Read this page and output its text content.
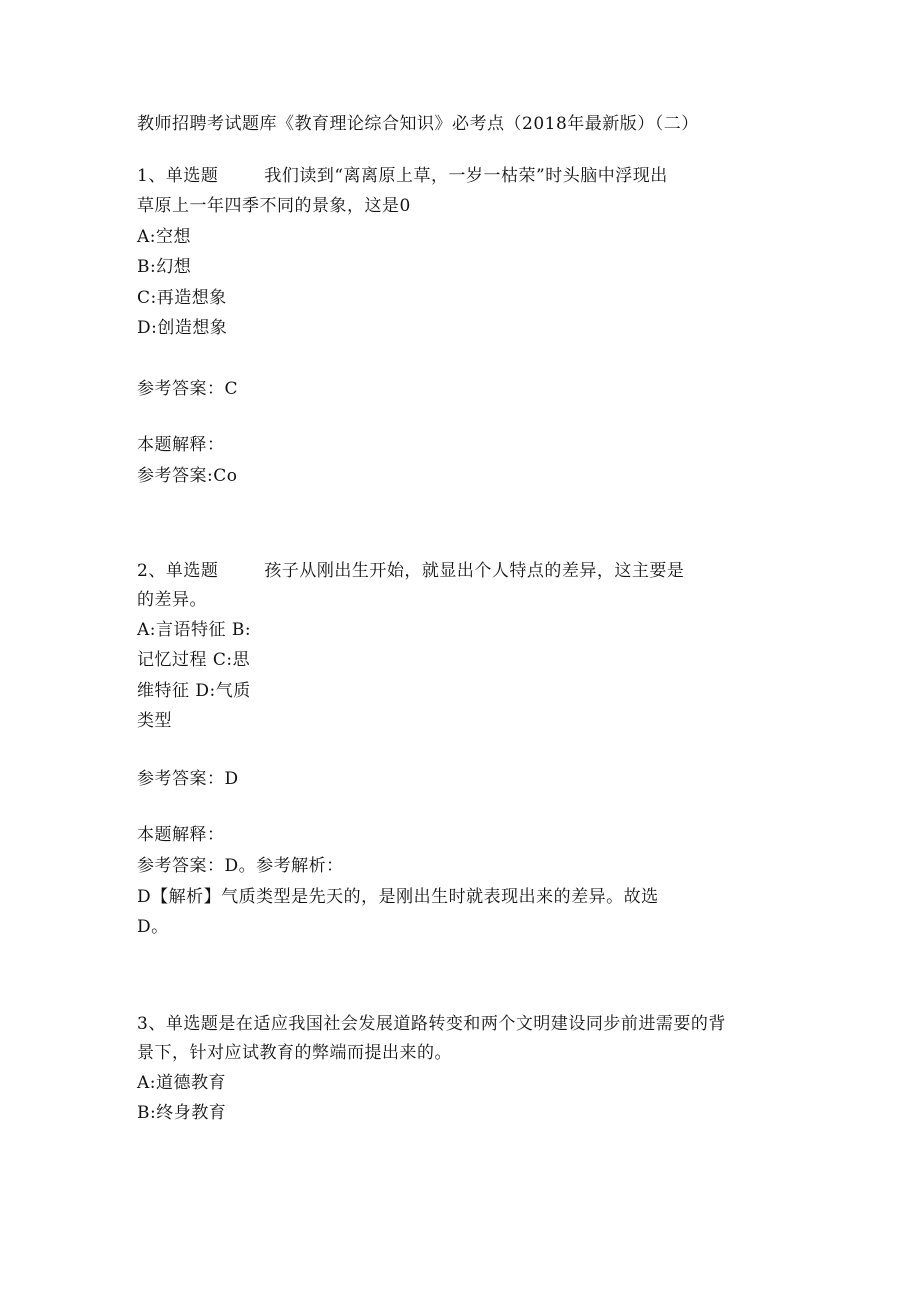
教师招聘考试题库《教育理论综合知识》必考点（2018年最新版）（二）
1、单选题	我们读到“离离原上草，一岁一枯荣”时头脑中浮现出
草原上一年四季不同的景象，这是0
A:空想
B:幻想
C:再造想象
D:创造想象
参考答案：C
本题解释：
参考答案:Co
2、单选题	孩子从刚出生开始，就显出个人特点的差异，这主要是
的差异。
A:言语特征 B:
记忆过程 C:思
维特征 D:气质
类型
参考答案：D
本题解释：
参考答案：D。参考解析：
D【解析】气质类型是先天的，是刚出生时就表现出来的差异。故选
D。
3、单选题是在适应我国社会发展道路转变和两个文明建设同步前进需要的背
景下，针对应试教育的弊端而提出来的。
A:道德教育
B:终身教育
